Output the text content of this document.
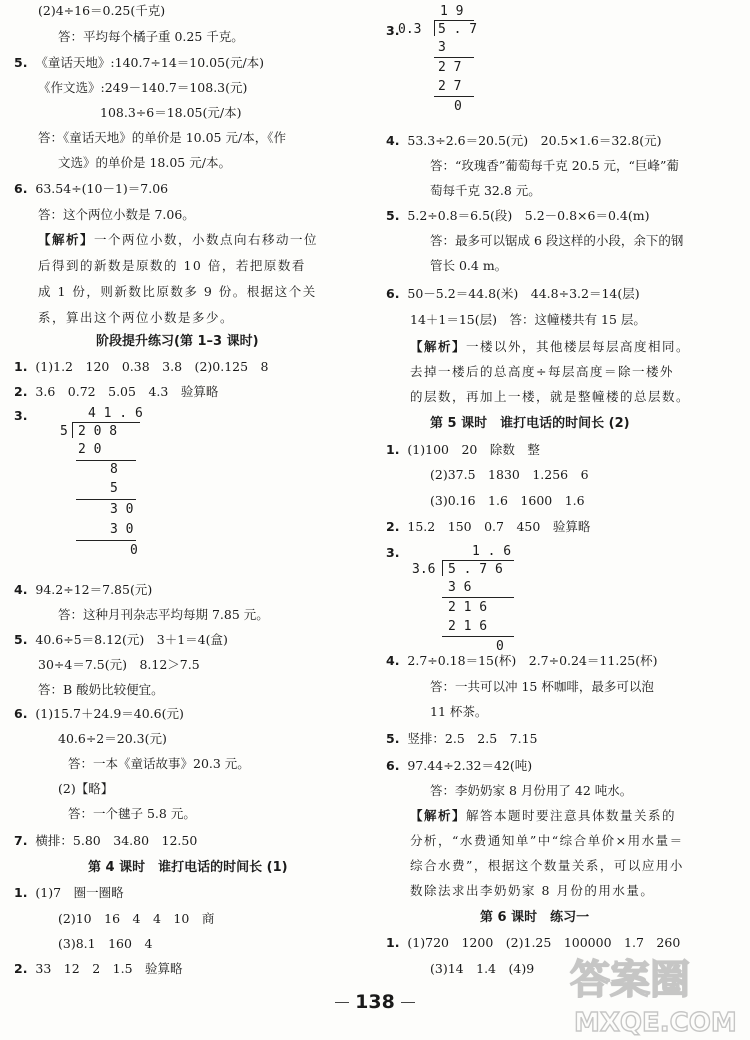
(2)4÷16＝0.25(千克)
答：平均每个橘子重 0.25 千克。
5. 《童话天地》:140.7÷14＝10.05(元/本)
《作文选》:249－140.7＝108.3(元)
108.3÷6＝18.05(元/本)
答：《童话天地》的单价是 10.05 元/本，《作
文选》的单价是 18.05 元/本。
6. 63.54÷(10－1)＝7.06
答：这个两位小数是 7.06。
【解析】一个两位小数，小数点向右移动一位
后得到的新数是原数的 10 倍，若把原数看
成 1 份，则新数比原数多 9 份。根据这个关
系，算出这个两位小数是多少。
阶段提升练习(第 1–3 课时)
1. (1)1.2　120　0.38　3.8　(2)0.125　8
2. 3.6　0.72　5.05　4.3　验算略
3.
4. 94.2÷12＝7.85(元)
答：这种月刊杂志平均每期 7.85 元。
5. 40.6÷5＝8.12(元)　3＋1＝4(盒)
30÷4＝7.5(元)　8.12＞7.5
答：B 酸奶比较便宜。
6. (1)15.7＋24.9＝40.6(元)
40.6÷2＝20.3(元)
答：一本《童话故事》20.3 元。
(2)【略】
答：一个毽子 5.8 元。
7. 横排：5.80　34.80　12.50
第 4 课时　谁打电话的时间长 (1)
1. (1)7　圈一圈略
(2)10　16　4　4　10　商
(3)8.1　160　4
2. 33　12　2　1.5　验算略
3.
4. 53.3÷2.6＝20.5(元)　20.5×1.6＝32.8(元)
答：“玫瑰香”葡萄每千克 20.5 元，“巨峰”葡
萄每千克 32.8 元。
5. 5.2÷0.8＝6.5(段)　5.2－0.8×6＝0.4(m)
答：最多可以锯成 6 段这样的小段，余下的钢
管长 0.4 m。
6. 50－5.2＝44.8(米)　44.8÷3.2＝14(层)
14＋1＝15(层)　答：这幢楼共有 15 层。
【解析】一楼以外，其他楼层每层高度相同。
去掉一楼后的总高度÷每层高度＝除一楼外
的层数，再加上一楼，就是整幢楼的总层数。
第 5 课时　谁打电话的时间长 (2)
1. (1)100　20　除数　整
(2)37.5　1830　1.256　6
(3)0.16　1.6　1600　1.6
2. 15.2　150　0.7　450　验算略
3.
4. 2.7÷0.18＝15(杯)　2.7÷0.24＝11.25(杯)
答：一共可以冲 15 杯咖啡，最多可以泡
11 杯茶。
5. 竖排：2.5　2.5̇　7.15
6. 97.44÷2.32＝42(吨)
答：李奶奶家 8 月份用了 42 吨水。
【解析】解答本题时要注意具体数量关系的
分析，“水费通知单”中“综合单价×用水量＝
综合水费”，根据这个数量关系，可以应用小
数除法求出李奶奶家 8 月份的用水量。
第 6 课时　练习一
1. (1)720　1200　(2)1.25　100000　1.7　260
(3)14　1.4　(4)9
4 1 . 6
5 2 0 8
2 0
8
5
3 0
3 0
0
1 9
0.3 5 . 7
3
2 7
2 7
0
1 . 6
3.6 5 . 7 6
3 6
2 1 6
2 1 6
0
138	答案圈
MXQE.COM
